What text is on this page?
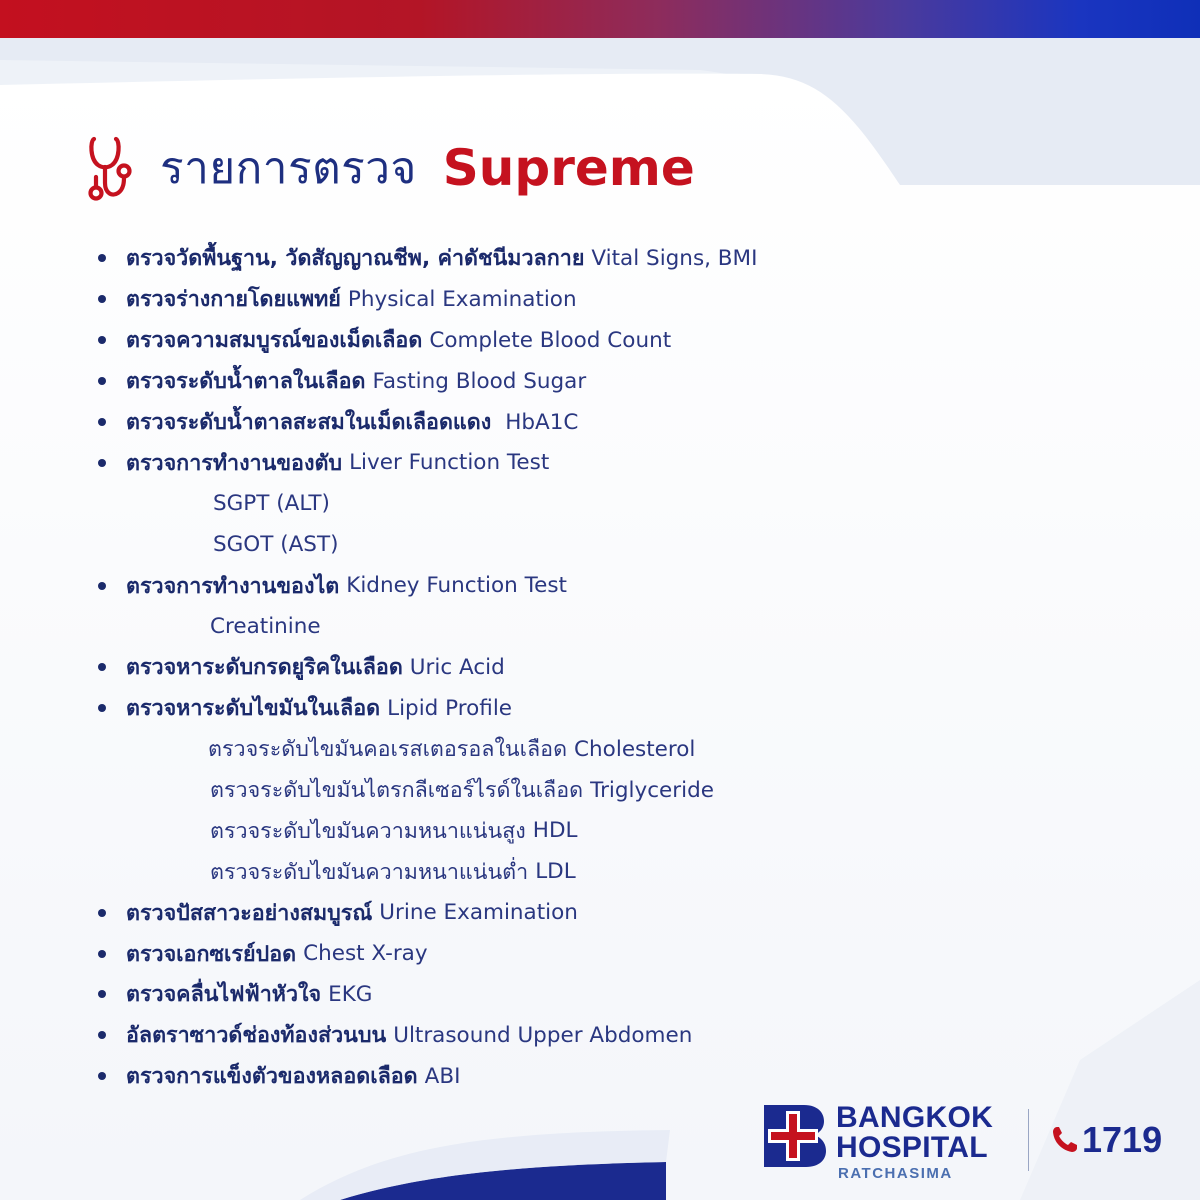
รายการตรวจ Supreme
ตรวจวัดพื้นฐาน, วัดสัญญาณชีพ, ค่าดัชนีมวลกาย Vital Signs, BMI
ตรวจร่างกายโดยแพทย์ Physical Examination
ตรวจความสมบูรณ์ของเม็ดเลือด Complete Blood Count
ตรวจระดับน้ำตาลในเลือด Fasting Blood Sugar
ตรวจระดับน้ำตาลสะสมในเม็ดเลือดแดง HbA1C
ตรวจการทำงานของตับ Liver Function Test
SGPT (ALT)
SGOT (AST)
ตรวจการทำงานของไต Kidney Function Test
Creatinine
ตรวจหาระดับกรดยูริคในเลือด Uric Acid
ตรวจหาระดับไขมันในเลือด Lipid Profile
ตรวจระดับไขมันคอเรสเตอรอลในเลือด Cholesterol
ตรวจระดับไขมันไตรกลีเซอร์ไรด์ในเลือด Triglyceride
ตรวจระดับไขมันความหนาแน่นสูง HDL
ตรวจระดับไขมันความหนาแน่นต่ำ LDL
ตรวจปัสสาวะอย่างสมบูรณ์ Urine Examination
ตรวจเอกซเรย์ปอด Chest X-ray
ตรวจคลื่นไฟฟ้าหัวใจ EKG
อัลตราซาวด์ช่องท้องส่วนบน Ultrasound Upper Abdomen
ตรวจการแข็งตัวของหลอดเลือด ABI
BANGKOK
HOSPITAL
RATCHASIMA
1719
